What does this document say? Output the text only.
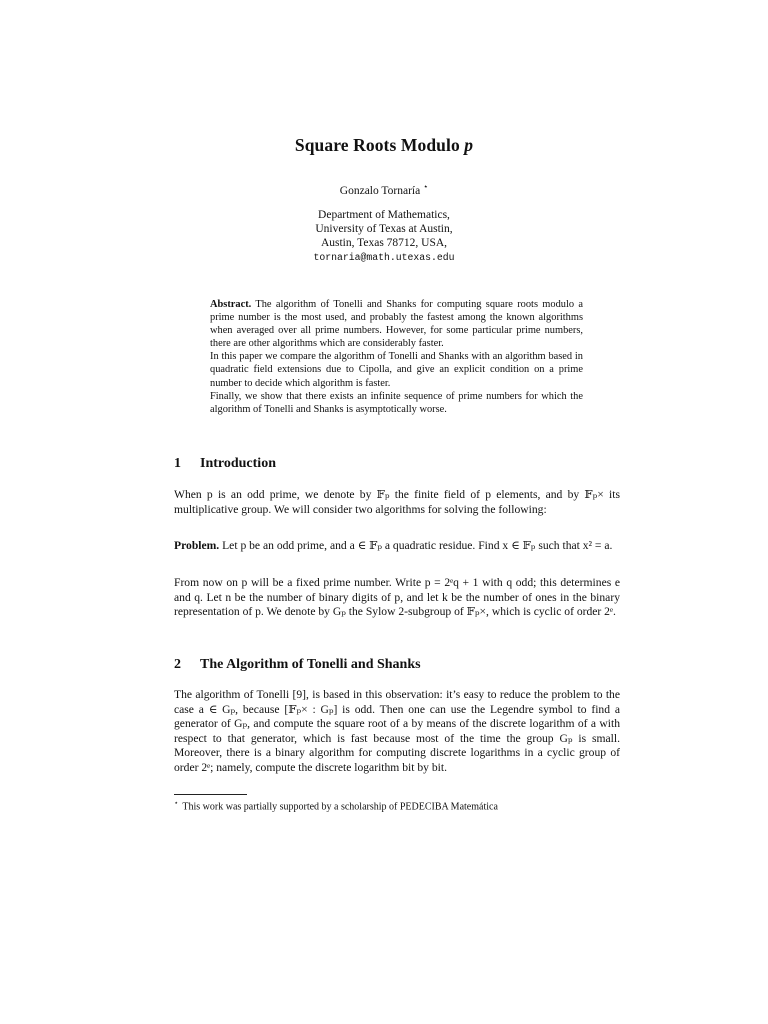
Square Roots Modulo p
Gonzalo Tornaría ⋆
Department of Mathematics,
University of Texas at Austin,
Austin, Texas 78712, USA,
tornaria@math.utexas.edu

Abstract. The algorithm of Tonelli and Shanks for computing square roots modulo a prime number is the most used, and probably the fastest among the known algorithms when averaged over all prime numbers. However, for some particular prime numbers, there are other algorithms which are considerably faster.

In this paper we compare the algorithm of Tonelli and Shanks with an algorithm based in quadratic field extensions due to Cipolla, and give an explicit condition on a prime number to decide which algorithm is faster.

Finally, we show that there exists an infinite sequence of prime numbers for which the algorithm of Tonelli and Shanks is asymptotically worse.

1 Introduction

When p is an odd prime, we denote by 𝔽ₚ the finite field of p elements, and by 𝔽ₚ× its multiplicative group. We will consider two algorithms for solving the following:

Problem. Let p be an odd prime, and a ∈ 𝔽ₚ a quadratic residue. Find x ∈ 𝔽ₚ such that x² = a.

From now on p will be a fixed prime number. Write p = 2ᵉq + 1 with q odd; this determines e and q. Let n be the number of binary digits of p, and let k be the number of ones in the binary representation of p. We denote by Gₚ the Sylow 2-subgroup of 𝔽ₚ×, which is cyclic of order 2ᵉ.

2 The Algorithm of Tonelli and Shanks

The algorithm of Tonelli [9], is based in this observation: it’s easy to reduce the problem to the case a ∈ Gₚ, because [𝔽ₚ× : Gₚ] is odd. Then one can use the Legendre symbol to find a generator of Gₚ, and compute the square root of a by means of the discrete logarithm of a with respect to that generator, which is fast because most of the time the group Gₚ is small. Moreover, there is a binary algorithm for computing discrete logarithms in a cyclic group of order 2ᵉ; namely, compute the discrete logarithm bit by bit.

⋆ This work was partially supported by a scholarship of PEDECIBA Matemática
